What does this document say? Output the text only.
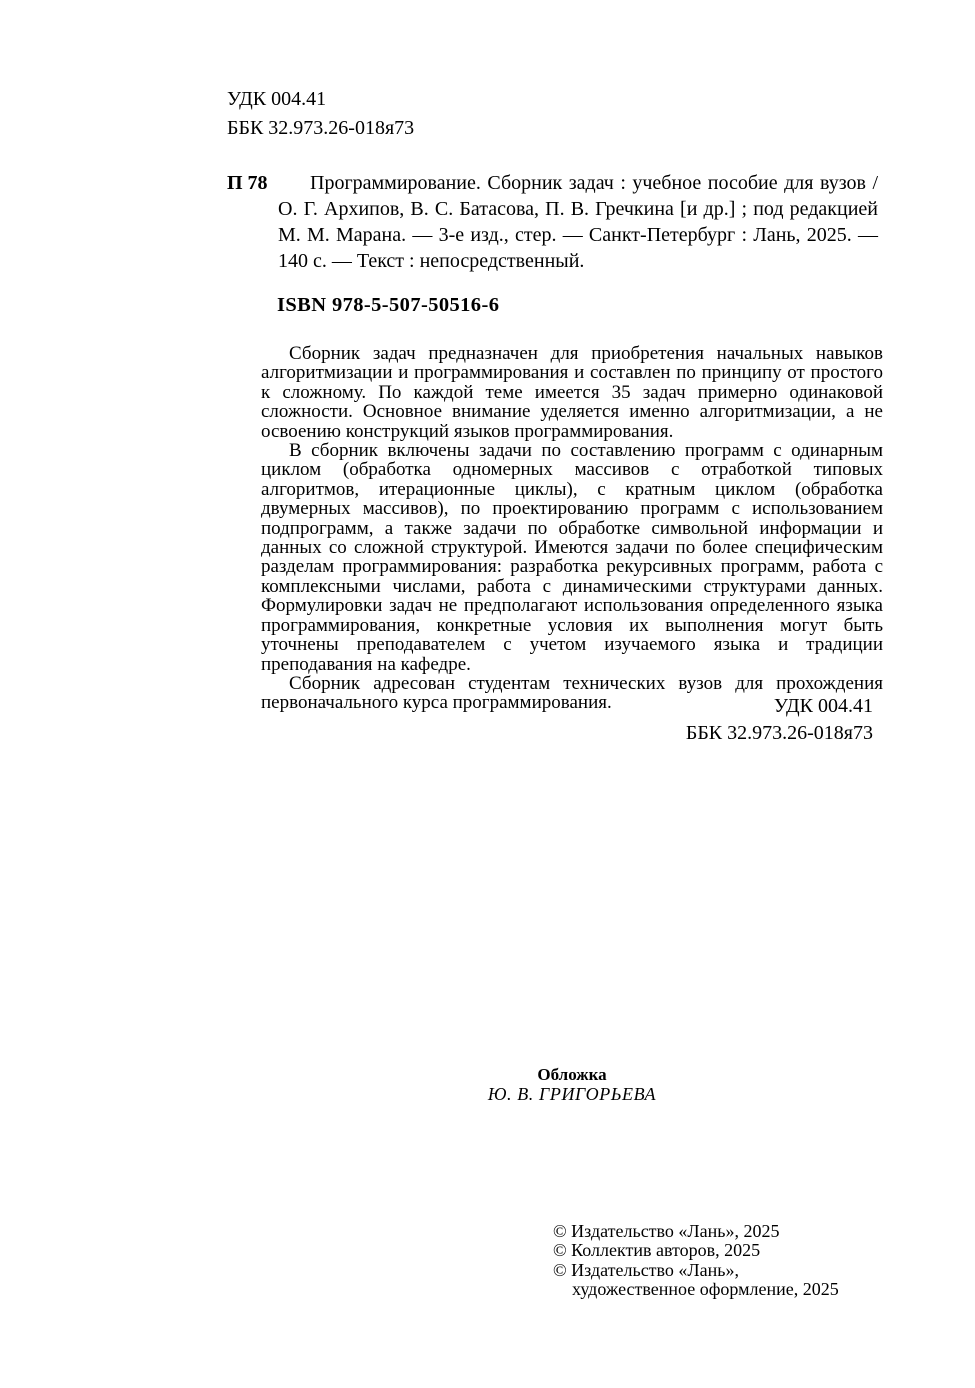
УДК 004.41
ББК 32.973.26-018я73
П 78	Программирование. Сборник задач : учебное пособие для вузов / О. Г. Архипов, В. С. Батасова, П. В. Гречкина [и др.] ; под редакцией М. М. Марана. — 3-е изд., стер. — Санкт-Петербург : Лань, 2025. — 140 с. — Текст : непосредственный.

ISBN 978-5-507-50516-6

Сборник задач предназначен для приобретения начальных навыков алгоритмизации и программирования и составлен по принципу от простого к сложному. По каждой теме имеется 35 задач примерно одинаковой сложности. Основное внимание уделяется именно алгоритмизации, а не освоению конструкций языков программирования.

В сборник включены задачи по составлению программ с одинарным циклом (обработка одномерных массивов с отработкой типовых алгоритмов, итерационные циклы), с кратным циклом (обработка двумерных массивов), по проектированию программ с использованием подпрограмм, а также задачи по обработке символьной информации и данных со сложной структурой. Имеются задачи по более специфическим разделам программирования: разработка рекурсивных программ, работа с комплексными числами, работа с динамическими структурами данных. Формулировки задач не предполагают использования определенного языка программирования, конкретные условия их выполнения могут быть уточнены преподавателем с учетом изучаемого языка и традиции преподавания на кафедре.

Сборник адресован студентам технических вузов для прохождения первоначального курса программирования.	УДК 004.41
ББК 32.973.26-018я73
Обложка
Ю. В. ГРИГОРЬЕВА
© Издательство «Лань», 2025
© Коллектив авторов, 2025
© Издательство «Лань»,
художественное оформление, 2025
